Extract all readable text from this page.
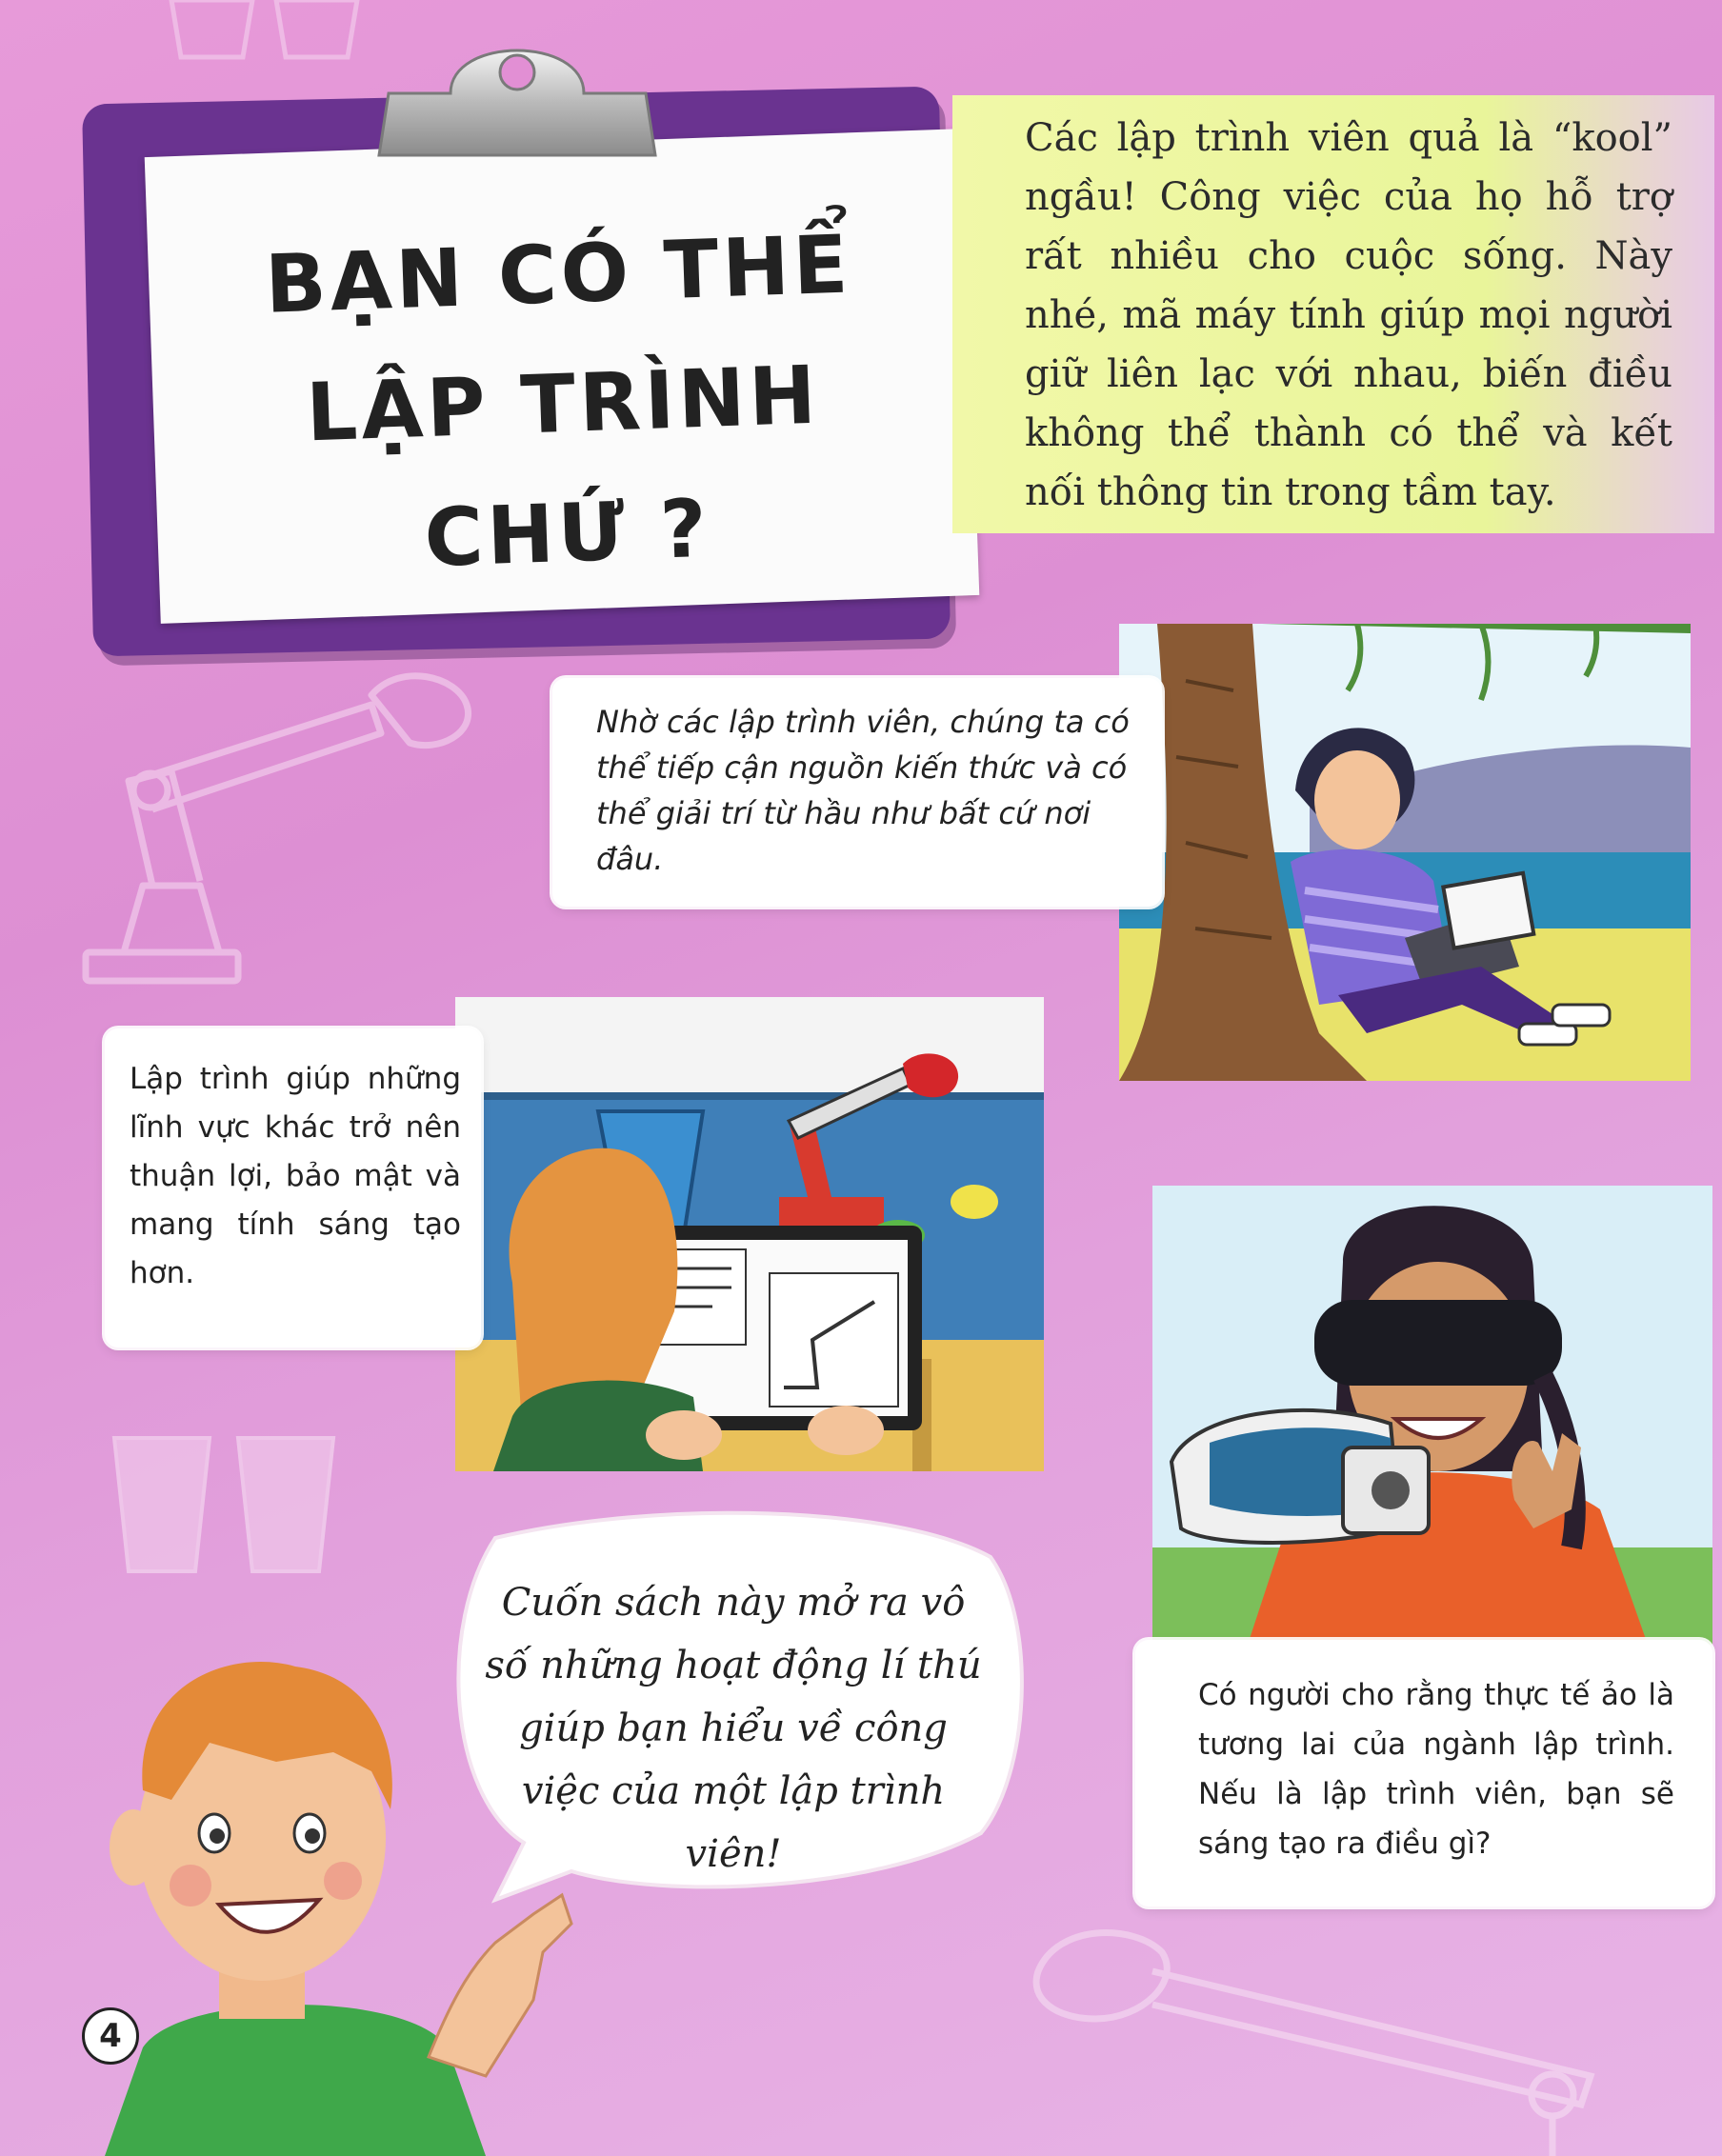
BẠN CÓ THỂ
LẬP TRÌNH
CHỨ ?
Các lập trình viên quả là “kool” ngầu! Công việc của họ hỗ trợ rất nhiều cho cuộc sống. Này nhé, mã máy tính giúp mọi người giữ liên lạc với nhau, biến điều không thể thành có thể và kết nối thông tin trong tầm tay.

Nhờ các lập trình viên, chúng ta có thể tiếp cận nguồn kiến thức và có thể giải trí từ hầu như bất cứ nơi đâu.

Lập trình giúp những lĩnh vực khác trở nên thuận lợi, bảo mật và mang tính sáng tạo hơn.

Có người cho rằng thực tế ảo là tương lai của ngành lập trình. Nếu là lập trình viên, bạn sẽ sáng tạo ra điều gì?

Cuốn sách này mở ra vô số những hoạt động lí thú giúp bạn hiểu về công việc của một lập trình viên!
4
